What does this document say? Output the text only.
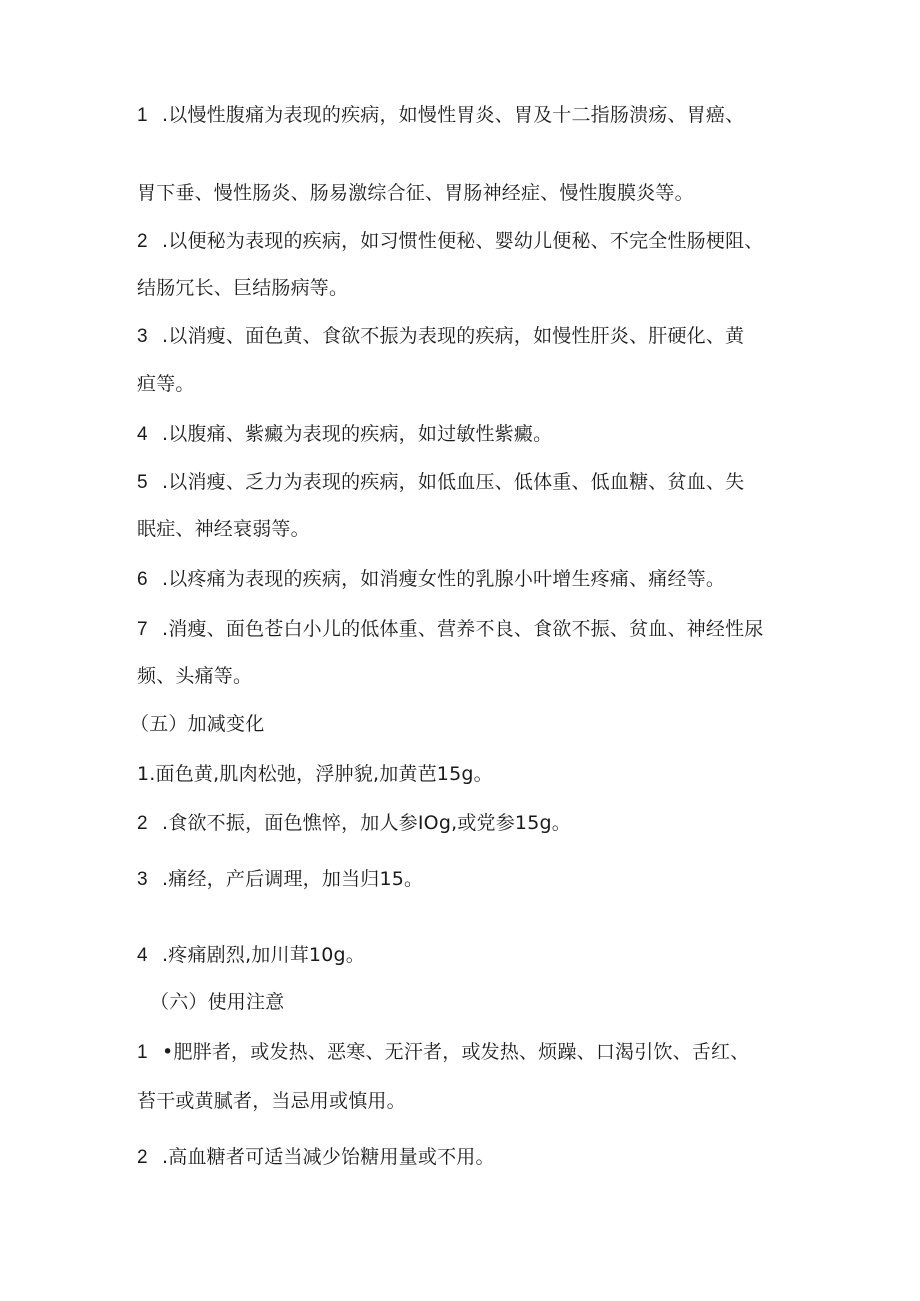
1 .以慢性腹痛为表现的疾病，如慢性胃炎、胃及十二指肠溃疡、胃癌、
胃下垂、慢性肠炎、肠易激综合征、胃肠神经症、慢性腹膜炎等。
2 .以便秘为表现的疾病，如习惯性便秘、婴幼儿便秘、不完全性肠梗阻、
结肠冗长、巨结肠病等。
3 .以消瘦、面色黄、食欲不振为表现的疾病，如慢性肝炎、肝硬化、黄
疸等。
4 .以腹痛、紫癜为表现的疾病，如过敏性紫癜。
5 .以消瘦、乏力为表现的疾病，如低血压、低体重、低血糖、贫血、失
眠症、神经衰弱等。
6 .以疼痛为表现的疾病，如消瘦女性的乳腺小叶增生疼痛、痛经等。
7 .消瘦、面色苍白小儿的低体重、营养不良、食欲不振、贫血、神经性尿
频、头痛等。
（五）加减变化
1.面色黄,肌肉松弛，浮肿貌,加黄芭15g。
2 .食欲不振，面色憔悴，加人参IOg,或党参15g。
3 .痛经，产后调理，加当归15。
4 .疼痛剧烈,加川茸10g。
（六）使用注意
1 •肥胖者，或发热、恶寒、无汗者，或发热、烦躁、口渴引饮、舌红、
苔干或黄腻者，当忌用或慎用。
2 .高血糖者可适当减少饴糖用量或不用。
